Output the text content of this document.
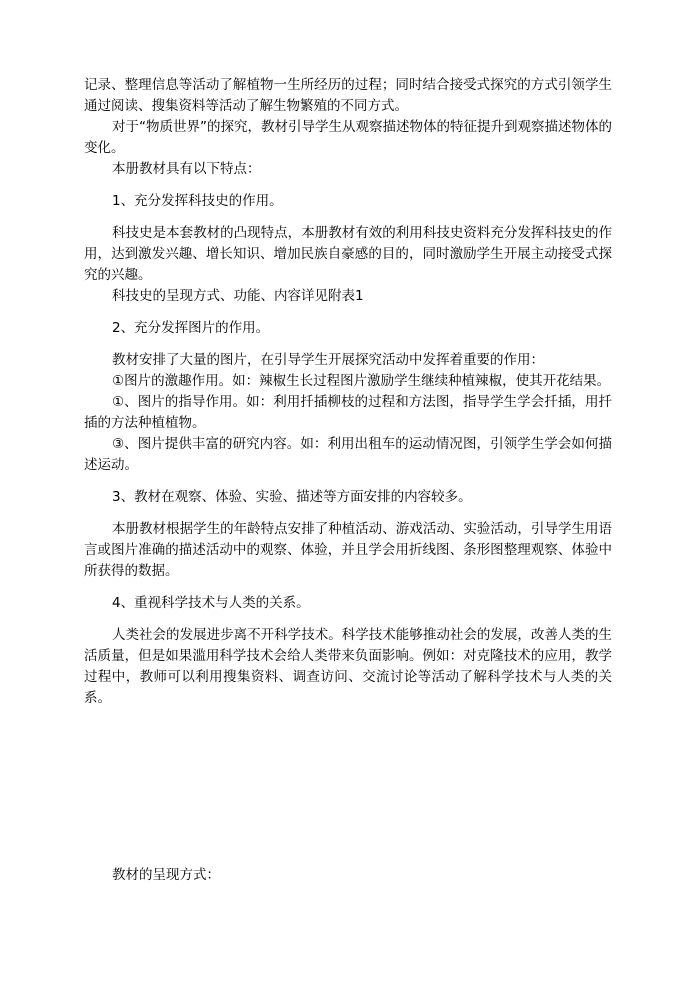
记录、整理信息等活动了解植物一生所经历的过程；同时结合接受式探究的方式引领学生通过阅读、搜集资料等活动了解生物繁殖的不同方式。

对于“物质世界”的探究，教材引导学生从观察描述物体的特征提升到观察描述物体的变化。

本册教材具有以下特点：

1、充分发挥科技史的作用。

科技史是本套教材的凸现特点，本册教材有效的利用科技史资料充分发挥科技史的作用，达到激发兴趣、增长知识、增加民族自豪感的目的，同时激励学生开展主动接受式探究的兴趣。

科技史的呈现方式、功能、内容详见附表1

2、充分发挥图片的作用。

教材安排了大量的图片，在引导学生开展探究活动中发挥着重要的作用：

①图片的激趣作用。如：辣椒生长过程图片激励学生继续种植辣椒，使其开花结果。

①、图片的指导作用。如：利用扦插柳枝的过程和方法图，指导学生学会扦插，用扦插的方法种植植物。

③、图片提供丰富的研究内容。如：利用出租车的运动情况图，引领学生学会如何描述运动。

3、教材在观察、体验、实验、描述等方面安排的内容较多。

本册教材根据学生的年龄特点安排了种植活动、游戏活动、实验活动，引导学生用语言或图片准确的描述活动中的观察、体验，并且学会用折线图、条形图整理观察、体验中所获得的数据。

4、重视科学技术与人类的关系。

人类社会的发展进步离不开科学技术。科学技术能够推动社会的发展，改善人类的生活质量，但是如果滥用科学技术会给人类带来负面影响。例如：对克隆技术的应用，教学过程中，教师可以利用搜集资料、调查访问、交流讨论等活动了解科学技术与人类的关系。

教材的呈现方式：
